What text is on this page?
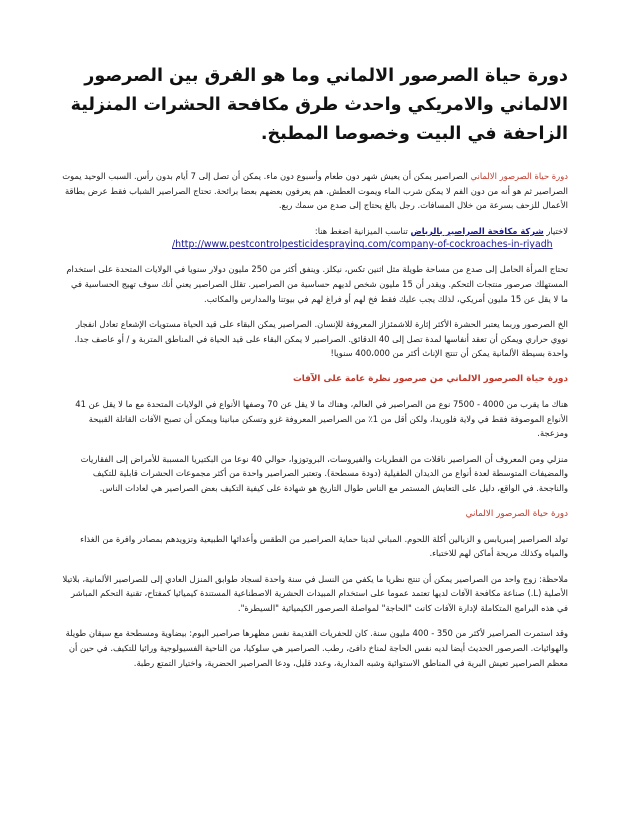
دورة حياة الصرصور الالماني وما هو الفرق بين الصرصور الالماني والامريكي واحدث طرق مكافحة الحشرات المنزلية الزاحفة في البيت وخصوصا المطبخ.

دورة حياة الصرصور الالماني الصراصير يمكن أن يعيش شهر دون طعام وأسبوع دون ماء. يمكن أن تصل إلى 7 أيام بدون رأس. السبب الوحيد يموت الصراصير ثم هو أنه من دون الفم لا يمكن شرب الماء ويموت العطش. هم يعرفون بعضهم بعضا برائحة. تحتاج الصراصير الشباب فقط عرض بطاقة الأعمال للزحف بسرعة من خلال المسافات. رجل بالغ يحتاج إلى صدع من سمك ربع.

لاختيار شركة مكافحة الصراصير بالرياض تناسب الميزانية اضغط هنا:
/http://www.pestcontrolpesticidespraying.com/company-of-cockroaches-in-riyadh

تحتاج المرأة الحامل إلى صدع من مساحة طويلة مثل اثنين تكس، نيكلز. وينفق أكثر من 250 مليون دولار سنويا في الولايات المتحدة على استخدام المستهلك صرصور منتجات التحكم. ويقدر أن 15 مليون شخص لديهم حساسية من الصراصير. تقلل الصراصير يعني أنك سوف تهيج الحساسية في ما لا يقل عن 15 مليون أمريكي، لذلك يجب عليك فقط فخ لهم أو فراغ لهم في بيوتنا والمدارس والمكاتب.

الخ الصرصور وربما يعتبر الحشرة الأكثر إثارة للاشمئزاز المعروفة للإنسان. الصراصير يمكن البقاء على قيد الحياة مستويات الإشعاع تعادل انفجار نووي حراري ويمكن أن تعقد أنفاسها لمدة تصل إلى 40 الدقائق. الصراصير لا يمكن البقاء على قيد الحياة في المناطق المتربة و / أو عاصف جدا. واحدة بسيطة الألمانية يمكن أن تنتج الإناث أكثر من 400،000 سنويا!

دورة حياة الصرصور الالماني من صرصور نظرة عامة على الآفات

هناك ما يقرب من 4000 - 7500 نوع من الصراصير في العالم، وهناك ما لا يقل عن 70 وصفها الأنواع في الولايات المتحدة مع ما لا يقل عن 41 الأنواع الموصوفة فقط في ولاية فلوريدا، ولكن أقل من 1٪ من الصراصير المعروفة غزو وتسكن مبانينا ويمكن أن تصبح الآفات القاتلة القبيحة ومزعجة.

منزلي ومن المعروف أن الصراصير ناقلات من الفطريات والفيروسات، البروتوزوا، حوالي 40 نوعا من البكتيريا المسببة للأمراض إلى الفقاريات والمضيفات المتوسطة لعدة أنواع من الديدان الطفيلية (دودة مسطحة). وتعتبر الصراصير واحدة من أكثر مجموعات الحشرات قابلية للتكيف والناجحة. في الواقع، دليل على التعايش المستمر مع الناس طوال التاريخ هو شهادة على كيفية التكيف بعض الصراصير هي لعادات الناس.

دورة حياة الصرصور الالماني

تولد الصراصير إمبريابس و الزبالين أكلة اللحوم. المباني لدينا حماية الصراصير من الطقس وأعدائها الطبيعية وتزويدهم بمصادر وافرة من الغذاء والمياه وكذلك مريحة أماكن لهم للاختباء.

ملاحظة: زوج واحد من الصراصير يمكن أن تنتج نظريا ما يكفي من النسل في سنة واحدة لسجاد طوابق المنزل العادي إلى للصراصير الألمانية، بلاتيلا الأصلية (L.) صناعة مكافحة الآفات لديها تعتمد عموما على استخدام المبيدات الحشرية الاصطناعية المستندة كيميائيا كمفتاح، تقنية التحكم المباشر في هذه البرامج المتكاملة لإدارة الآفات كانت "الحاجة" لمواصلة الصرصور الكيميائية "السيطرة".

وقد استمرت الصراصير لأكثر من 350 - 400 مليون سنة. كان للحفريات القديمة نفس مظهرها صراصير اليوم: بيضاوية ومسطحة مع سيقان طويلة والهوائيات. الصرصور الحديث أيضا لديه نفس الحاجة لمناخ دافئ، رطب. الصراصير هي سلوكيا، من الناحية الفسيولوجية ورائيا للتكيف. في حين أن معظم الصراصير تعيش البرية في المناطق الاستوائية وشبه المدارية، وعدد قليل، ودعا الصراصير الحضرية، واختيار التمتع رطبة.
